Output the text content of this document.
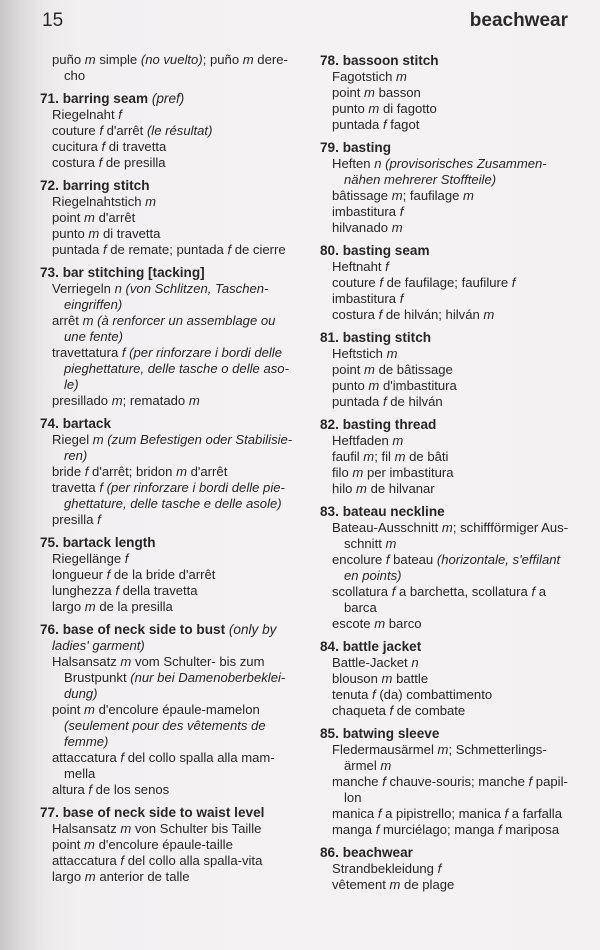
15	beachwear
puño m simple (no vuelto); puño m dere-
cho
71. barring seam (pref)
Riegelnaht f
couture f d'arrêt (le résultat)
cucitura f di travetta
costura f de presilla
72. barring stitch
Riegelnahtstich m
point m d'arrêt
punto m di travetta
puntada f de remate; puntada f de cierre
73. bar stitching [tacking]
Verriegeln n (von Schlitzen, Taschen-
eingriffen)
arrêt m (à renforcer un assemblage ou
une fente)
travettatura f (per rinforzare i bordi delle
pieghettature, delle tasche o delle aso-
le)
presillado m; rematado m
74. bartack
Riegel m (zum Befestigen oder Stabilisie-
ren)
bride f d'arrêt; bridon m d'arrêt
travetta f (per rinforzare i bordi delle pie-
ghettature, delle tasche e delle asole)
presilla f
75. bartack length
Riegellänge f
longueur f de la bride d'arrêt
lunghezza f della travetta
largo m de la presilla
76. base of neck side to bust (only by
ladies' garment)
Halsansatz m vom Schulter- bis zum
Brustpunkt (nur bei Damenoberbeklei-
dung)
point m d'encolure épaule-mamelon
(seulement pour des vêtements de
femme)
attaccatura f del collo spalla alla mam-
mella
altura f de los senos
77. base of neck side to waist level
Halsansatz m von Schulter bis Taille
point m d'encolure épaule-taille
attaccatura f del collo alla spalla-vita
largo m anterior de talle
78. bassoon stitch
Fagotstich m
point m basson
punto m di fagotto
puntada f fagot
79. basting
Heften n (provisorisches Zusammen-
nähen mehrerer Stoffteile)
bâtissage m; faufilage m
imbastitura f
hilvanado m
80. basting seam
Heftnaht f
couture f de faufilage; faufilure f
imbastitura f
costura f de hilván; hilván m
81. basting stitch
Heftstich m
point m de bâtissage
punto m d'imbastitura
puntada f de hilván
82. basting thread
Heftfaden m
faufil m; fil m de bâti
filo m per imbastitura
hilo m de hilvanar
83. bateau neckline
Bateau-Ausschnitt m; schiffförmiger Aus-
schnitt m
encolure f bateau (horizontale, s'effilant
en points)
scollatura f a barchetta, scollatura f a
barca
escote m barco
84. battle jacket
Battle-Jacket n
blouson m battle
tenuta f (da) combattimento
chaqueta f de combate
85. batwing sleeve
Fledermausärmel m; Schmetterlings-
ärmel m
manche f chauve-souris; manche f papil-
lon
manica f a pipistrello; manica f a farfalla
manga f murciélago; manga f mariposa
86. beachwear
Strandbekleidung f
vêtement m de plage
